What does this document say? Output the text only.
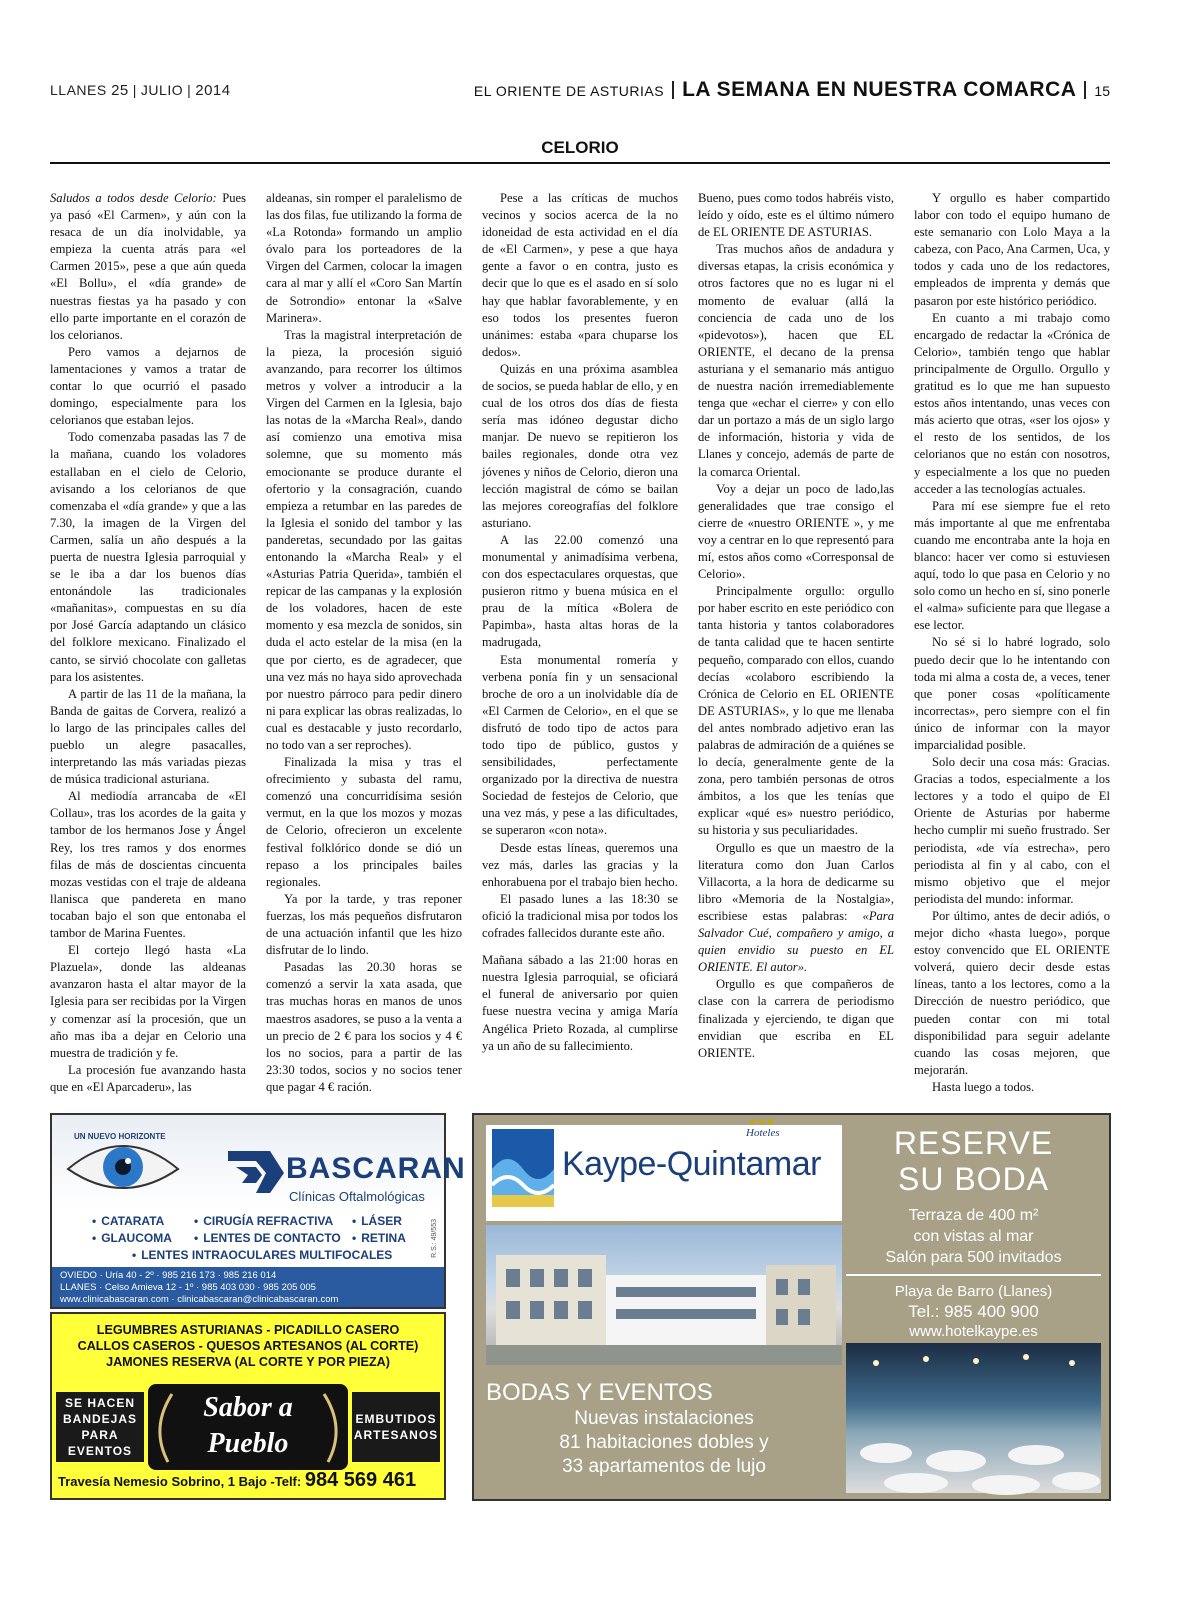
LLANES 25 | JULIO | 2014	EL ORIENTE DE ASTURIAS LA SEMANA EN NUESTRA COMARCA 15
CELORIO

Saludos a todos desde Celorio: Pues ya pasó «El Carmen», y aún con la resaca de un día inolvidable, ya empieza la cuenta atrás para «el Carmen 2015», pese a que aún queda «El Bollu», el «día grande» de nuestras fiestas ya ha pasado y con ello parte importante en el corazón de los celorianos.

Pero vamos a dejarnos de lamentaciones y vamos a tratar de contar lo que ocurrió el pasado domingo, especialmente para los celorianos que estaban lejos.

Todo comenzaba pasadas las 7 de la mañana, cuando los voladores estallaban en el cielo de Celorio, avisando a los celorianos de que comenzaba el «día grande» y que a las 7.30, la imagen de la Virgen del Carmen, salía un año después a la puerta de nuestra Iglesia parroquial y se le iba a dar los buenos días entonándole las tradicionales «mañanitas», compuestas en su día por José García adaptando un clásico del folklore mexicano. Finalizado el canto, se sirvió chocolate con galletas para los asistentes.

A partir de las 11 de la mañana, la Banda de gaitas de Corvera, realizó a lo largo de las principales calles del pueblo un alegre pasacalles, interpretando las más variadas piezas de música tradicional asturiana.

Al mediodía arrancaba de «El Collau», tras los acordes de la gaita y tambor de los hermanos Jose y Ángel Rey, los tres ramos y dos enormes filas de más de doscientas cincuenta mozas vestidas con el traje de aldeana llanisca que pandereta en mano tocaban bajo el son que entonaba el tambor de Marina Fuentes.

El cortejo llegó hasta «La Plazuela», donde las aldeanas avanzaron hasta el altar mayor de la Iglesia para ser recibidas por la Virgen y comenzar así la procesión, que un año mas iba a dejar en Celorio una muestra de tradición y fe.

La procesión fue avanzando hasta que en «El Aparcaderu», las

aldeanas, sin romper el paralelismo de las dos filas, fue utilizando la forma de «La Rotonda» formando un amplio óvalo para los porteadores de la Virgen del Carmen, colocar la imagen cara al mar y allí el «Coro San Martín de Sotrondio» entonar la «Salve Marinera».

Tras la magistral interpretación de la pieza, la procesión siguió avanzando, para recorrer los últimos metros y volver a introducir a la Virgen del Carmen en la Iglesia, bajo las notas de la «Marcha Real», dando así comienzo una emotiva misa solemne, que su momento más emocionante se produce durante el ofertorio y la consagración, cuando empieza a retumbar en las paredes de la Iglesia el sonido del tambor y las panderetas, secundado por las gaitas entonando la «Marcha Real» y el «Asturias Patria Querida», también el repicar de las campanas y la explosión de los voladores, hacen de este momento y esa mezcla de sonidos, sin duda el acto estelar de la misa (en la que por cierto, es de agradecer, que una vez más no haya sido aprovechada por nuestro párroco para pedir dinero ni para explicar las obras realizadas, lo cual es destacable y justo recordarlo, no todo van a ser reproches).

Finalizada la misa y tras el ofrecimiento y subasta del ramu, comenzó una concurridísima sesión vermut, en la que los mozos y mozas de Celorio, ofrecieron un excelente festival folklórico donde se dió un repaso a los principales bailes regionales.

Ya por la tarde, y tras reponer fuerzas, los más pequeños disfrutaron de una actuación infantil que les hizo disfrutar de lo lindo.

Pasadas las 20.30 horas se comenzó a servir la xata asada, que tras muchas horas en manos de unos maestros asadores, se puso a la venta a un precio de 2 € para los socios y 4 € los no socios, para a partir de las 23:30 todos, socios y no socios tener que pagar 4 € ración.

Pese a las críticas de muchos vecinos y socios acerca de la no idoneidad de esta actividad en el día de «El Carmen», y pese a que haya gente a favor o en contra, justo es decir que lo que es el asado en sí solo hay que hablar favorablemente, y en eso todos los presentes fueron unánimes: estaba «para chuparse los dedos».

Quizás en una próxima asamblea de socios, se pueda hablar de ello, y en cual de los otros dos días de fiesta sería mas idóneo degustar dicho manjar. De nuevo se repitieron los bailes regionales, donde otra vez jóvenes y niños de Celorio, dieron una lección magistral de cómo se bailan las mejores coreografías del folklore asturiano.

A las 22.00 comenzó una monumental y animadísima verbena, con dos espectaculares orquestas, que pusieron ritmo y buena música en el prau de la mítica «Bolera de Papimba», hasta altas horas de la madrugada,

Esta monumental romería y verbena ponía fin y un sensacional broche de oro a un inolvidable día de «El Carmen de Celorio», en el que se disfrutó de todo tipo de actos para todo tipo de público, gustos y sensibilidades, perfectamente organizado por la directiva de nuestra Sociedad de festejos de Celorio, que una vez más, y pese a las dificultades, se superaron «con nota».

Desde estas líneas, queremos una vez más, darles las gracias y la enhorabuena por el trabajo bien hecho.

El pasado lunes a las 18:30 se ofició la tradicional misa por todos los cofrades fallecidos durante este año.

Mañana sábado a las 21:00 horas en nuestra Iglesia parroquial, se oficiará el funeral de aniversario por quien fuese nuestra vecina y amiga María Angélica Prieto Rozada, al cumplirse ya un año de su fallecimiento.

Bueno, pues como todos habréis visto, leído y oído, este es el último número de EL ORIENTE DE ASTURIAS.

Tras muchos años de andadura y diversas etapas, la crisis económica y otros factores que no es lugar ni el momento de evaluar (allá la conciencia de cada uno de los «pidevotos»), hacen que EL ORIENTE, el decano de la prensa asturiana y el semanario más antiguo de nuestra nación irremediablemente tenga que «echar el cierre» y con ello dar un portazo a más de un siglo largo de información, historia y vida de Llanes y concejo, además de parte de la comarca Oriental.

Voy a dejar un poco de lado,las generalidades que trae consigo el cierre de «nuestro ORIENTE », y me voy a centrar en lo que representó para mí, estos años como «Corresponsal de Celorio».

Principalmente orgullo: orgullo por haber escrito en este periódico con tanta historia y tantos colaboradores de tanta calidad que te hacen sentirte pequeño, comparado con ellos, cuando decías «colaboro escribiendo la Crónica de Celorio en EL ORIENTE DE ASTURIAS», y lo que me llenaba del antes nombrado adjetivo eran las palabras de admiración de a quiénes se lo decía, generalmente gente de la zona, pero también personas de otros ámbitos, a los que les tenías que explicar «qué es» nuestro periódico, su historia y sus peculiaridades.

Orgullo es que un maestro de la literatura como don Juan Carlos Villacorta, a la hora de dedicarme su libro «Memoria de la Nostalgia», escribiese estas palabras: «Para Salvador Cué, compañero y amigo, a quien envidio su puesto en EL ORIENTE. El autor».

Orgullo es que compañeros de clase con la carrera de periodismo finalizada y ejerciendo, te digan que envidian que escriba en EL ORIENTE.

Y orgullo es haber compartido labor con todo el equipo humano de este semanario con Lolo Maya a la cabeza, con Paco, Ana Carmen, Uca, y todos y cada uno de los redactores, empleados de imprenta y demás que pasaron por este histórico periódico.

En cuanto a mi trabajo como encargado de redactar la «Crónica de Celorio», también tengo que hablar principalmente de Orgullo. Orgullo y gratitud es lo que me han supuesto estos años intentando, unas veces con más acierto que otras, «ser los ojos» y el resto de los sentidos, de los celorianos que no están con nosotros, y especialmente a los que no pueden acceder a las tecnologías actuales.

Para mí ese siempre fue el reto más importante al que me enfrentaba cuando me encontraba ante la hoja en blanco: hacer ver como si estuviesen aquí, todo lo que pasa en Celorio y no solo como un hecho en sí, sino ponerle el «alma» suficiente para que llegase a ese lector.

No sé si lo habré logrado, solo puedo decir que lo he intentando con toda mi alma a costa de, a veces, tener que poner cosas «políticamente incorrectas», pero siempre con el fin único de informar con la mayor imparcialidad posible.

Solo decir una cosa más: Gracias. Gracias a todos, especialmente a los lectores y a todo el quipo de El Oriente de Asturias por haberme hecho cumplir mi sueño frustrado. Ser periodista, «de vía estrecha», pero periodista al fin y al cabo, con el mismo objetivo que el mejor periodista del mundo: informar.

Por último, antes de decir adiós, o mejor dicho «hasta luego», porque estoy convencido que EL ORIENTE volverá, quiero decir desde estas líneas, tanto a los lectores, como a la Dirección de nuestro periódico, que pueden contar con mi total disponibilidad para seguir adelante cuando las cosas mejoren, que mejorarán.

Hasta luego a todos.

UN NUEVO HORIZONTE
BASCARAN
Clínicas Oftalmológicas
• CATARATA	• CIRUGÍA REFRACTIVA	• LÁSER
• GLAUCOMA	• LENTES DE CONTACTO • RETINA
• LENTES INTRAOCULARES MULTIFOCALES	R.S.: 49/553
OVIEDO · Uría 40 - 2º · 985 216 173 · 985 216 014
LLANES · Celso Amieva 12 - 1º · 985 403 030 · 985 205 005
www.clinicabascaran.com · clinicabascaran@clinicabascaran.com
LEGUMBRES ASTURIANAS - PICADILLO CASERO
CALLOS CASEROS - QUESOS ARTESANOS (AL CORTE)
JAMONES RESERVA (AL CORTE Y POR PIEZA)
SE HACEN BANDEJAS PARA EVENTOS
Sabor a
Pueblo
EMBUTIDOS ARTESANOS
Travesía Nemesio Sobrino, 1 Bajo -Telf: 984 569 461
★★★
Hoteles
Kaype-Quintamar
RESERVE
SU BODA
Terraza de 400 m²
con vistas al mar
Salón para 500 invitados
Playa de Barro (Llanes)
Tel.: 985 400 900
www.hotelkaype.es
BODAS Y EVENTOS
Nuevas instalaciones
81 habitaciones dobles y
33 apartamentos de lujo
